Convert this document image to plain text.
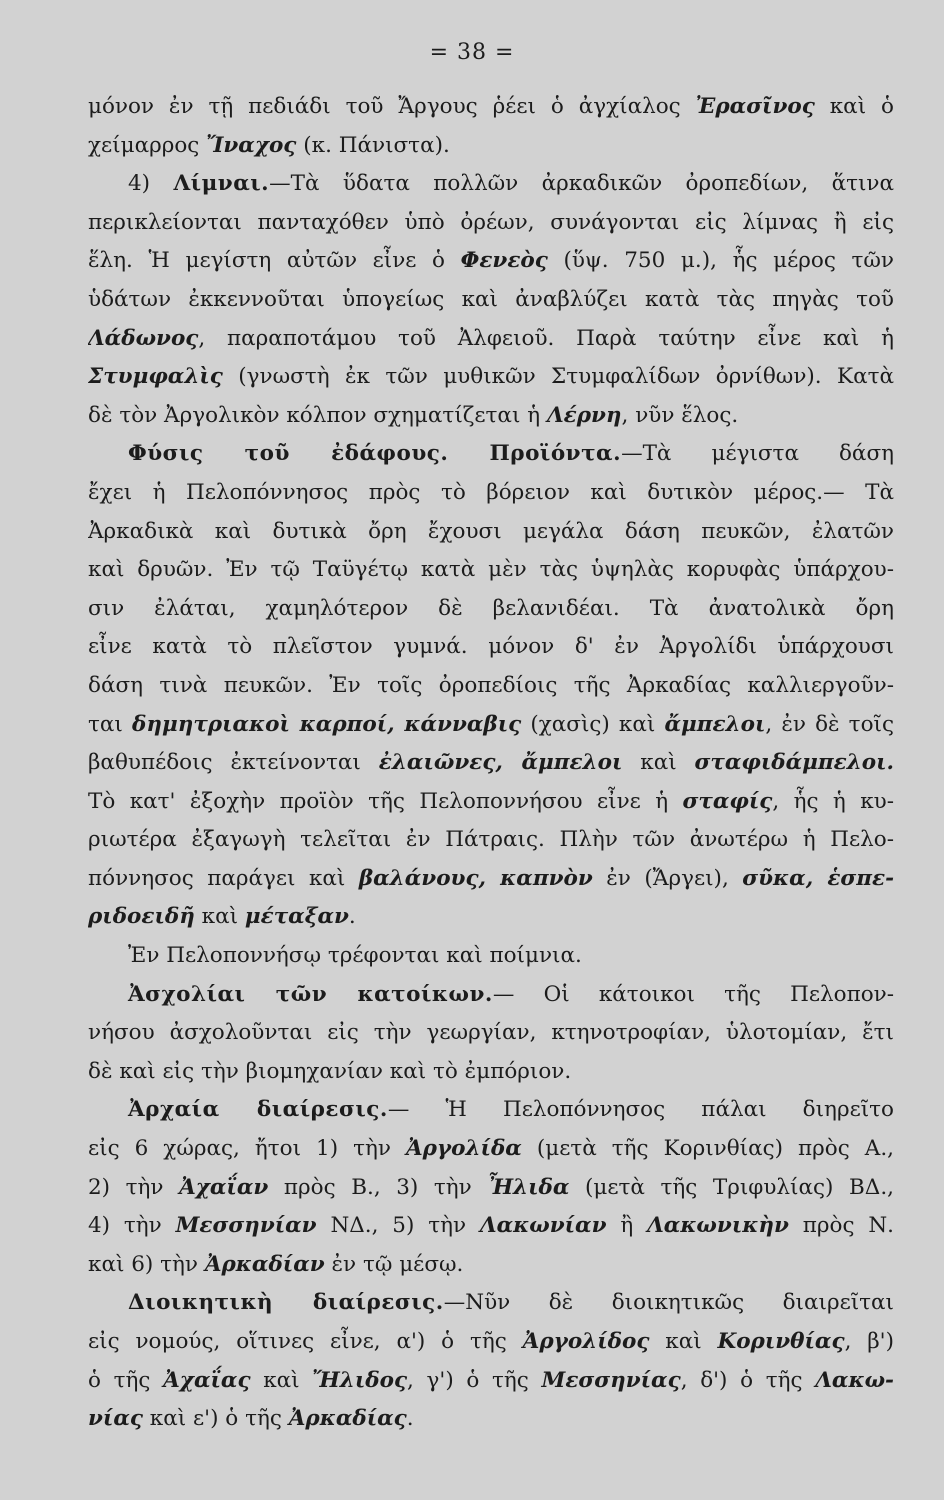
= 38 =
μόνον ἐν τῇ πεδιάδι τοῦ Ἄργους ῥέει ὁ ἀγχίαλος Ἐρασῖνος καὶ ὁ
χείμαρρος Ἴναχος (κ. Πάνιστα).
4) Λίμναι.—Τὰ ὕδατα πολλῶν ἀρκαδικῶν ὀροπεδίων, ἅτινα
περικλείονται πανταχόθεν ὑπὸ ὀρέων, συνάγονται εἰς λίμνας ἢ εἰς
ἕλη. Ἡ μεγίστη αὐτῶν εἶνε ὁ Φενεὸς (ὕψ. 750 μ.), ἧς μέρος τῶν
ὑδάτων ἐκκεννοῦται ὑπογείως καὶ ἀναβλύζει κατὰ τὰς πηγὰς τοῦ
Λάδωνος, παραποτάμου τοῦ Ἀλφειοῦ. Παρὰ ταύτην εἶνε καὶ ἡ
Στυμφαλὶς (γνωστὴ ἐκ τῶν μυθικῶν Στυμφαλίδων ὀρνίθων). Κατὰ
δὲ τὸν Ἀργολικὸν κόλπον σχηματίζεται ἡ Λέρνη, νῦν ἕλος.
Φύσις τοῦ ἐδάφους. Προϊόντα.—Τὰ μέγιστα δάση
ἔχει ἡ Πελοπόννησος πρὸς τὸ βόρειον καὶ δυτικὸν μέρος.— Τὰ
Ἀρκαδικὰ καὶ δυτικὰ ὄρη ἔχουσι μεγάλα δάση πευκῶν, ἐλατῶν
καὶ δρυῶν. Ἐν τῷ Ταϋγέτῳ κατὰ μὲν τὰς ὑψηλὰς κορυφὰς ὑπάρχου-
σιν ἐλάται, χαμηλότερον δὲ βελανιδέαι. Τὰ ἀνατολικὰ ὄρη
εἶνε κατὰ τὸ πλεῖστον γυμνά. μόνον δ' ἐν Ἀργολίδι ὑπάρχουσι
δάση τινὰ πευκῶν. Ἐν τοῖς ὀροπεδίοις τῆς Ἀρκαδίας καλλιεργοῦν-
ται δημητριακοὶ καρποί, κάνναβις (χασὶς) καὶ ἄμπελοι, ἐν δὲ τοῖς
βαθυπέδοις ἐκτείνονται ἐλαιῶνες, ἄμπελοι καὶ σταφιδάμπελοι.
Τὸ κατ' ἐξοχὴν προϊὸν τῆς Πελοποννήσου εἶνε ἡ σταφίς, ἧς ἡ κυ-
ριωτέρα ἐξαγωγὴ τελεῖται ἐν Πάτραις. Πλὴν τῶν ἀνωτέρω ἡ Πελο-
πόννησος παράγει καὶ βαλάνους, καπνὸν ἐν (Ἄργει), σῦκα, ἑσπε-
ριδοειδῆ καὶ μέταξαν.
Ἐν Πελοποννήσῳ τρέφονται καὶ ποίμνια.
Ἀσχολίαι τῶν κατοίκων.— Οἱ κάτοικοι τῆς Πελοπον-
νήσου ἀσχολοῦνται εἰς τὴν γεωργίαν, κτηνοτροφίαν, ὑλοτομίαν, ἔτι
δὲ καὶ εἰς τὴν βιομηχανίαν καὶ τὸ ἐμπόριον.
Ἀρχαία διαίρεσις.— Ἡ Πελοπόννησος πάλαι διηρεῖτο
εἰς 6 χώρας, ἤτοι 1) τὴν Ἀργολίδα (μετὰ τῆς Κορινθίας) πρὸς Α.,
2) τὴν Ἀχαΐαν πρὸς Β., 3) τὴν Ἦλιδα (μετὰ τῆς Τριφυλίας) ΒΔ.,
4) τὴν Μεσσηνίαν ΝΔ., 5) τὴν Λακωνίαν ἢ Λακωνικὴν πρὸς Ν.
καὶ 6) τὴν Ἀρκαδίαν ἐν τῷ μέσῳ.
Διοικητικὴ διαίρεσις.—Νῦν δὲ διοικητικῶς διαιρεῖται
εἰς νομούς, οἵτινες εἶνε, α') ὁ τῆς Ἀργολίδος καὶ Κορινθίας, β')
ὁ τῆς Ἀχαΐας καὶ Ἤλιδος, γ') ὁ τῆς Μεσσηνίας, δ') ὁ τῆς Λακω-
νίας καὶ ε') ὁ τῆς Ἀρκαδίας.
